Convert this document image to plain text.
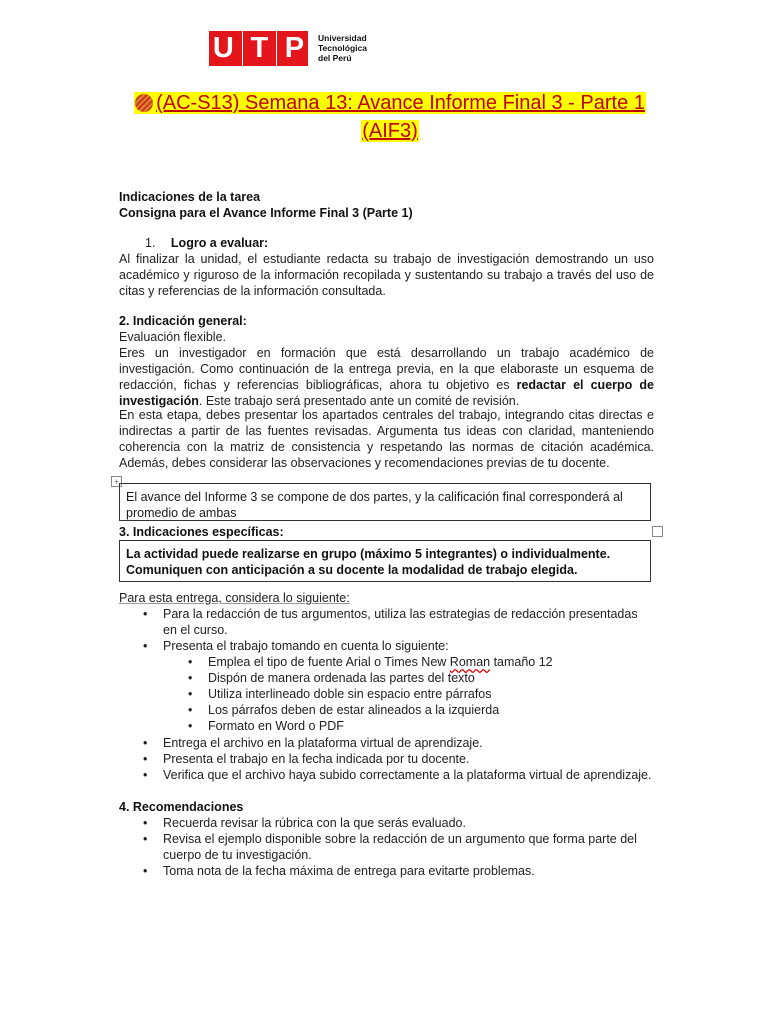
U T P Universidad
Tecnológica
del Perú
(AC-S13) Semana 13: Avance Informe Final 3 - Parte 1
(AIF3)
Indicaciones de la tarea
Consigna para el Avance Informe Final 3 (Parte 1)
1. Logro a evaluar:
Al finalizar la unidad, el estudiante redacta su trabajo de investigación demostrando un uso académico y riguroso de la información recopilada y sustentando su trabajo a través del uso de citas y referencias de la información consultada.
2. Indicación general:
Evaluación flexible.
Eres un investigador en formación que está desarrollando un trabajo académico de investigación. Como continuación de la entrega previa, en la que elaboraste un esquema de redacción, fichas y referencias bibliográficas, ahora tu objetivo es redactar el cuerpo de investigación. Este trabajo será presentado ante un comité de revisión.
En esta etapa, debes presentar los apartados centrales del trabajo, integrando citas directas e indirectas a partir de las fuentes revisadas. Argumenta tus ideas con claridad, manteniendo coherencia con la matriz de consistencia y respetando las normas de citación académica. Además, debes considerar las observaciones y recomendaciones previas de tu docente.
+
El avance del Informe 3 se compone de dos partes, y la calificación final corresponderá al promedio de ambas
3. Indicaciones específicas:
La actividad puede realizarse en grupo (máximo 5 integrantes) o individualmente. Comuniquen con anticipación a su docente la modalidad de trabajo elegida.
Para esta entrega, considera lo siguiente:
• Para la redacción de tus argumentos, utiliza las estrategias de redacción presentadas en el curso.
• Presenta el trabajo tomando en cuenta lo siguiente:
• Emplea el tipo de fuente Arial o Times New Roman tamaño 12
• Dispón de manera ordenada las partes del texto
• Utiliza interlineado doble sin espacio entre párrafos
• Los párrafos deben de estar alineados a la izquierda
• Formato en Word o PDF
• Entrega el archivo en la plataforma virtual de aprendizaje.
• Presenta el trabajo en la fecha indicada por tu docente.
• Verifica que el archivo haya subido correctamente a la plataforma virtual de aprendizaje.
4. Recomendaciones
• Recuerda revisar la rúbrica con la que serás evaluado.
• Revisa el ejemplo disponible sobre la redacción de un argumento que forma parte del cuerpo de tu investigación.
• Toma nota de la fecha máxima de entrega para evitarte problemas.
